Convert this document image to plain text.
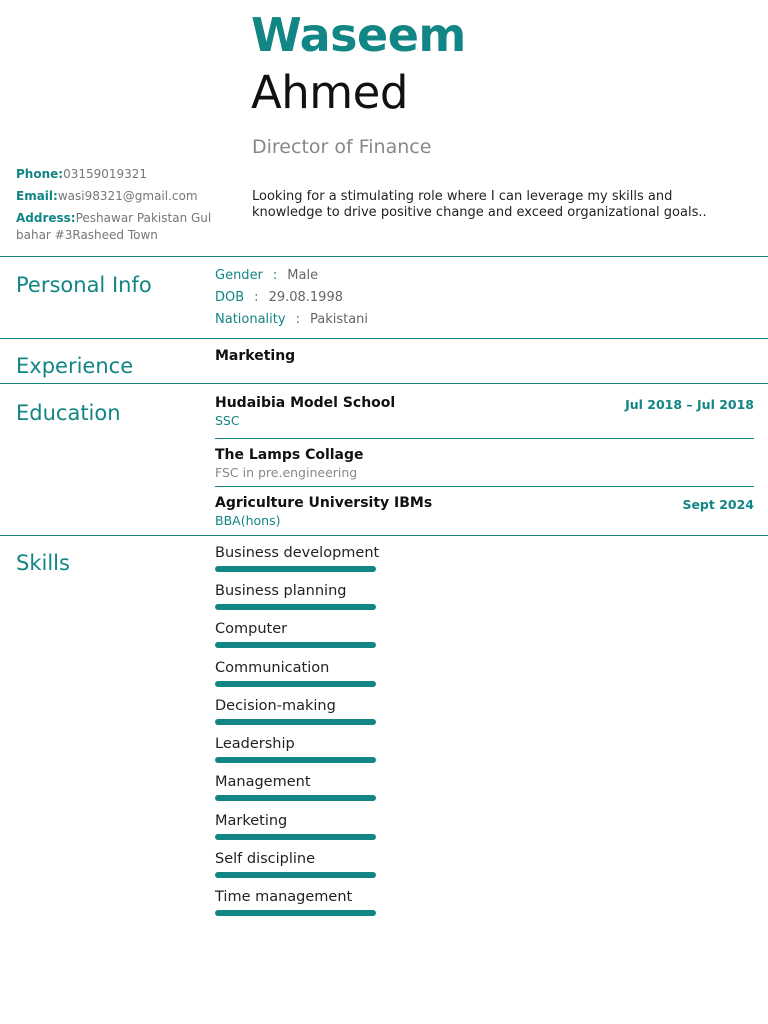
Waseem
Ahmed
Director of Finance
Looking for a stimulating role where I can leverage my skills and knowledge to drive positive change and exceed organizational goals..
Phone:03159019321
Email:wasi98321@gmail.com
Address:Peshawar Pakistan Gul bahar #3Rasheed Town
Personal Info	Gender : Male
DOB : 29.08.1998
Nationality : Pakistani
Experience	Marketing
Education	Hudaibia Model School	Jul 2018 – Jul 2018
SSC
The Lamps Collage
FSC in pre.engineering
Agriculture University IBMs	Sept 2024
BBA(hons)
Skills	Business development
Business planning
Computer
Communication
Decision-making
Leadership
Management
Marketing
Self discipline
Time management
